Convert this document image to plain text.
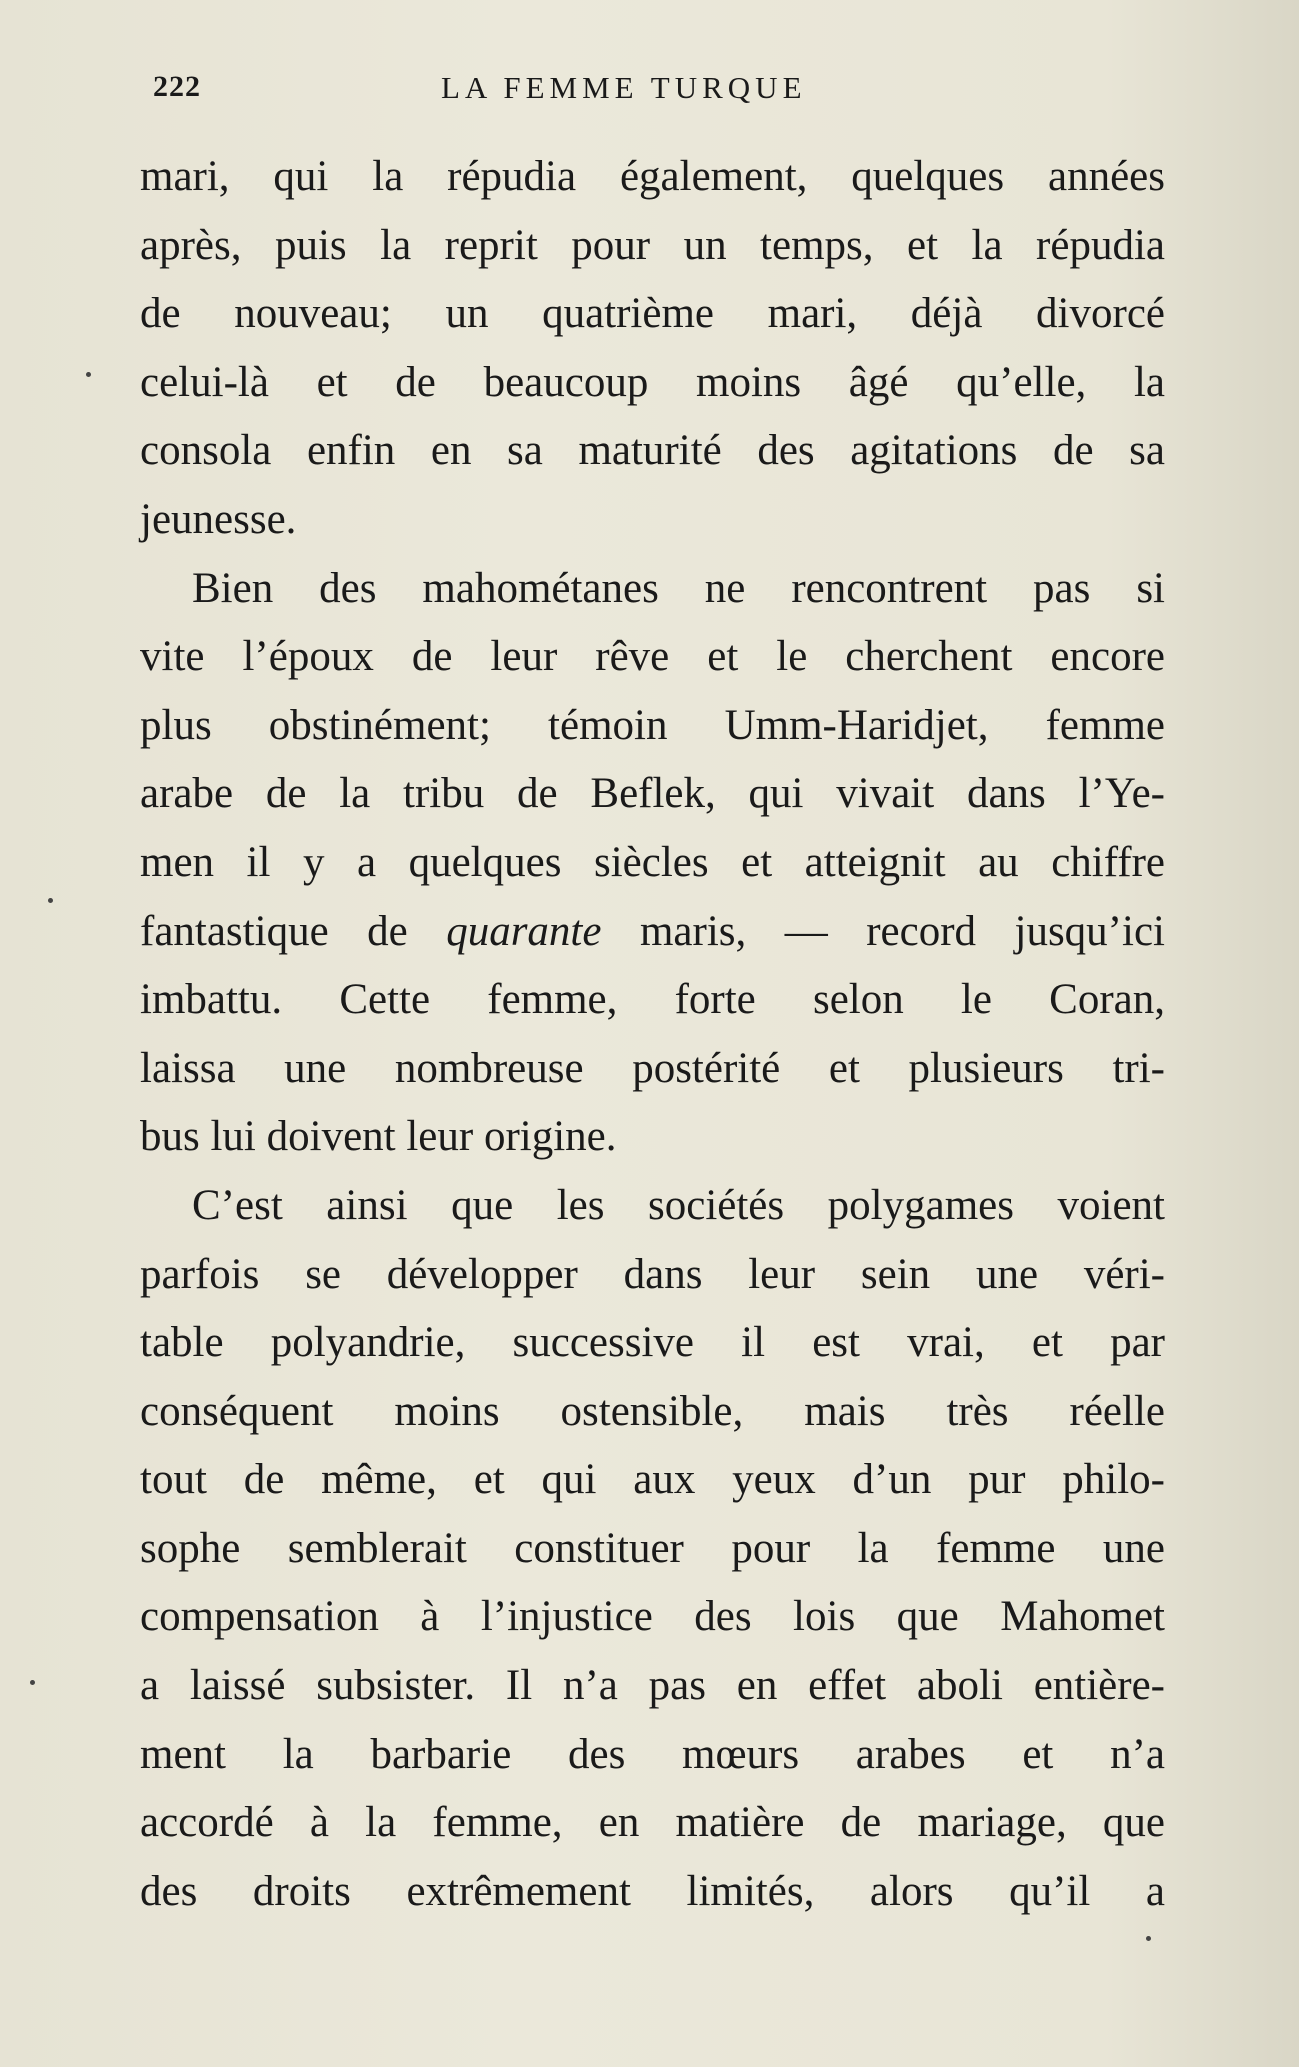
222	LA FEMME TURQUE
mari, qui la répudia également, quelques années
après, puis la reprit pour un temps, et la répudia
de nouveau; un quatrième mari, déjà divorcé
celui-là et de beaucoup moins âgé qu’elle, la
consola enfin en sa maturité des agitations de sa
jeunesse.
Bien des mahométanes ne rencontrent pas si
vite l’époux de leur rêve et le cherchent encore
plus obstinément; témoin Umm-Haridjet, femme
arabe de la tribu de Beflek, qui vivait dans l’Ye-
men il y a quelques siècles et atteignit au chiffre
fantastique de quarante maris, — record jusqu’ici
imbattu. Cette femme, forte selon le Coran,
laissa une nombreuse postérité et plusieurs tri-
bus lui doivent leur origine.
C’est ainsi que les sociétés polygames voient
parfois se développer dans leur sein une véri-
table polyandrie, successive il est vrai, et par
conséquent moins ostensible, mais très réelle
tout de même, et qui aux yeux d’un pur philo-
sophe semblerait constituer pour la femme une
compensation à l’injustice des lois que Mahomet
a laissé subsister. Il n’a pas en effet aboli entière-
ment la barbarie des mœurs arabes et n’a
accordé à la femme, en matière de mariage, que
des droits extrêmement limités, alors qu’il a
